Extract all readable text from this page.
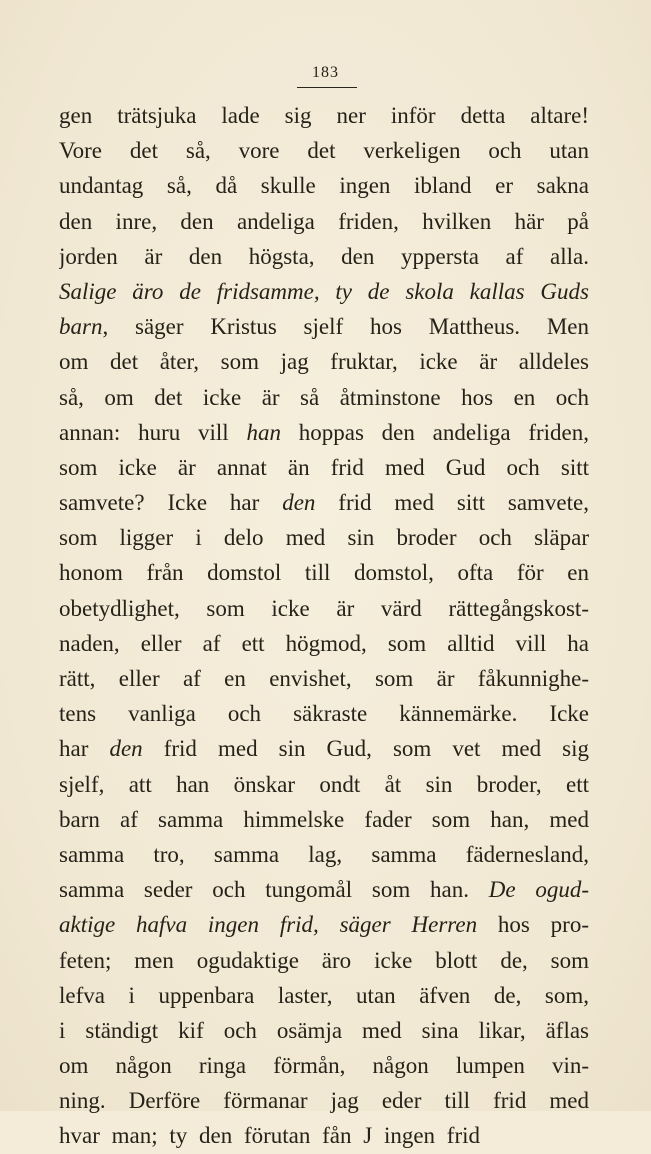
183
gen trätsjuka lade sig ner inför detta altare!
Vore det så, vore det verkeligen och utan
undantag så, då skulle ingen ibland er sakna
den inre, den andeliga friden, hvilken här på
jorden är den högsta, den yppersta af alla.
Salige äro de fridsamme, ty de skola kallas Guds
barn, säger Kristus sjelf hos Mattheus. Men
om det åter, som jag fruktar, icke är alldeles
så, om det icke är så åtminstone hos en och
annan: huru vill han hoppas den andeliga friden,
som icke är annat än frid med Gud och sitt
samvete? Icke har den frid med sitt samvete,
som ligger i delo med sin broder och släpar
honom från domstol till domstol, ofta för en
obetydlighet, som icke är värd rättegångskost-
naden, eller af ett högmod, som alltid vill ha
rätt, eller af en envishet, som är fåkunnighe-
tens vanliga och säkraste kännemärke. Icke
har den frid med sin Gud, som vet med sig
sjelf, att han önskar ondt åt sin broder, ett
barn af samma himmelske fader som han, med
samma tro, samma lag, samma fädernesland,
samma seder och tungomål som han. De ogud-
aktige hafva ingen frid, säger Herren hos pro-
feten; men ogudaktige äro icke blott de, som
lefva i uppenbara laster, utan äfven de, som,
i ständigt kif och osämja med sina likar, äflas
om någon ringa förmån, någon lumpen vin-
ning. Derföre förmanar jag eder till frid med
hvar man; ty den förutan fån J ingen frid
